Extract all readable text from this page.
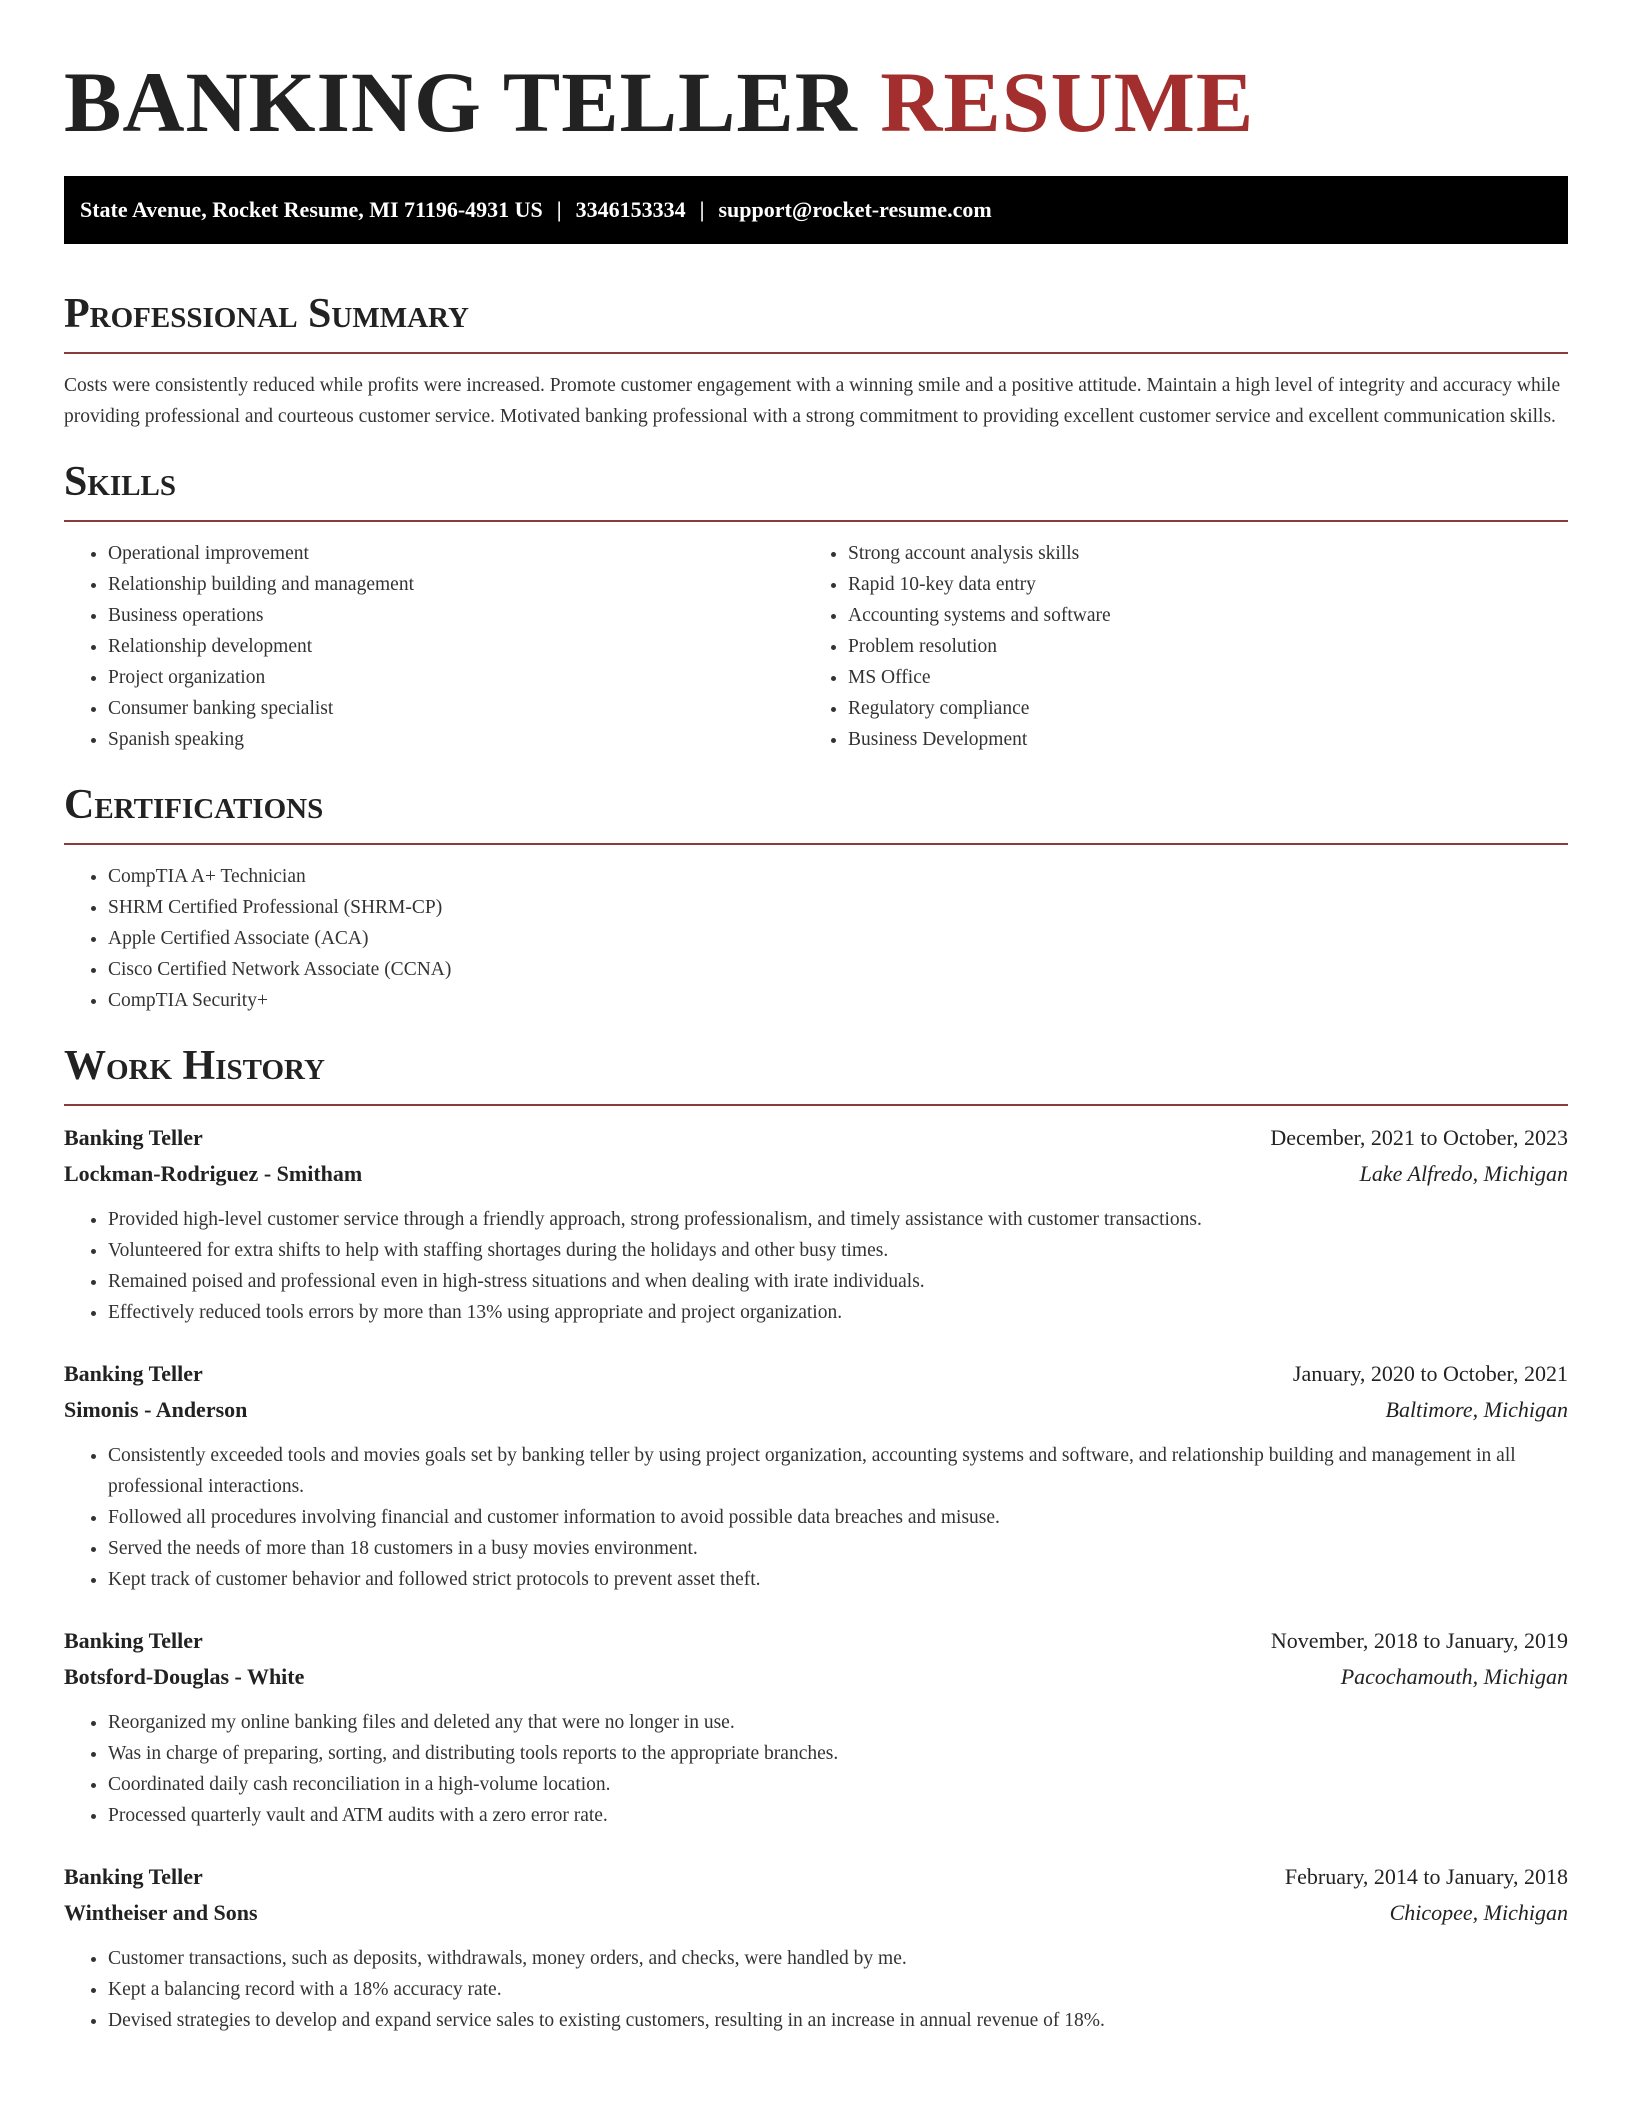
BANKING TELLER RESUME
State Avenue, Rocket Resume, MI 71196-4931 US | 3346153334 | support@rocket-resume.com
Professional Summary

Costs were consistently reduced while profits were increased. Promote customer engagement with a winning smile and a positive attitude. Maintain a high level of integrity and accuracy while providing professional and courteous customer service. Motivated banking professional with a strong commitment to providing excellent customer service and excellent communication skills.

Skills
• Operational improvement
• Relationship building and management
• Business operations
• Relationship development
• Project organization
• Consumer banking specialist
• Spanish speaking
• Strong account analysis skills
• Rapid 10-key data entry
• Accounting systems and software
• Problem resolution
• MS Office
• Regulatory compliance
• Business Development
Certifications
• CompTIA A+ Technician
• SHRM Certified Professional (SHRM-CP)
• Apple Certified Associate (ACA)
• Cisco Certified Network Associate (CCNA)
• CompTIA Security+
Work History
Banking Teller	December, 2021 to October, 2023
Lockman-Rodriguez - Smitham	Lake Alfredo, Michigan
• Provided high-level customer service through a friendly approach, strong professionalism, and timely assistance with customer transactions.
• Volunteered for extra shifts to help with staffing shortages during the holidays and other busy times.
• Remained poised and professional even in high-stress situations and when dealing with irate individuals.
• Effectively reduced tools errors by more than 13% using appropriate and project organization.
Banking Teller	January, 2020 to October, 2021
Simonis - Anderson	Baltimore, Michigan
• Consistently exceeded tools and movies goals set by banking teller by using project organization, accounting systems and software, and relationship building and management in all professional interactions.
• Followed all procedures involving financial and customer information to avoid possible data breaches and misuse.
• Served the needs of more than 18 customers in a busy movies environment.
• Kept track of customer behavior and followed strict protocols to prevent asset theft.
Banking Teller	November, 2018 to January, 2019
Botsford-Douglas - White	Pacochamouth, Michigan
• Reorganized my online banking files and deleted any that were no longer in use.
• Was in charge of preparing, sorting, and distributing tools reports to the appropriate branches.
• Coordinated daily cash reconciliation in a high-volume location.
• Processed quarterly vault and ATM audits with a zero error rate.
Banking Teller	February, 2014 to January, 2018
Wintheiser and Sons	Chicopee, Michigan
• Customer transactions, such as deposits, withdrawals, money orders, and checks, were handled by me.
• Kept a balancing record with a 18% accuracy rate.
• Devised strategies to develop and expand service sales to existing customers, resulting in an increase in annual revenue of 18%.
